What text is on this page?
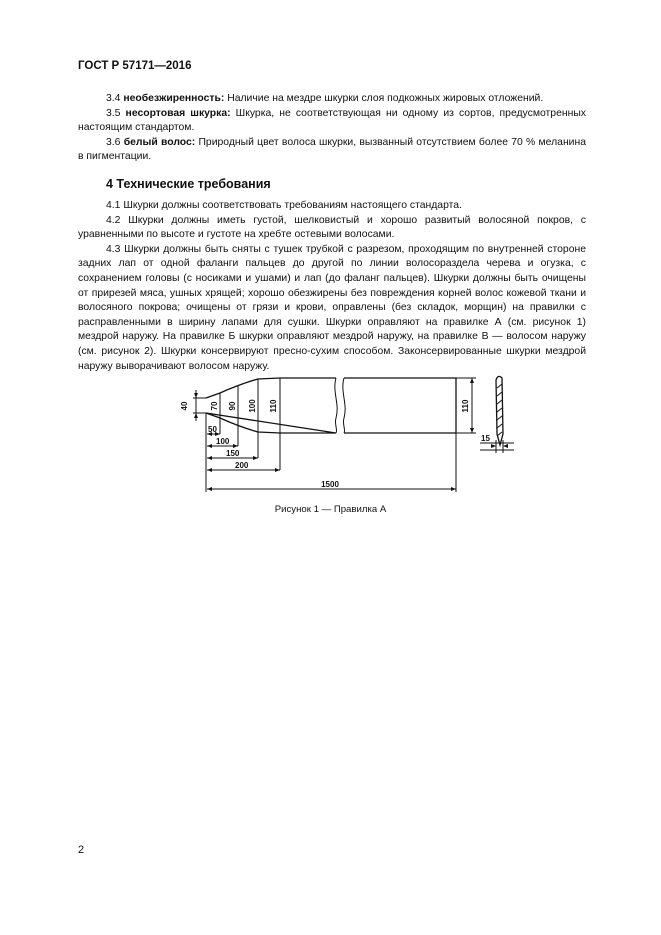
ГОСТ Р 57171—2016

3.4 необезжиренность: Наличие на мездре шкурки слоя подкожных жировых отложений.

3.5 несортовая шкурка: Шкурка, не соответствующая ни одному из сортов, предусмотренных настоящим стандартом.

3.6 белый волос: Природный цвет волоса шкурки, вызванный отсутствием более 70 % меланина в пигментации.

4 Технические требования

4.1 Шкурки должны соответствовать требованиям настоящего стандарта.

4.2 Шкурки должны иметь густой, шелковистый и хорошо развитый волосяной покров, с уравненными по высоте и густоте на хребте остевыми волосами.

4.3 Шкурки должны быть сняты с тушек трубкой с разрезом, проходящим по внутренней стороне задних лап от одной фаланги пальцев до другой по линии волосораздела черева и огузка, с сохранением головы (с носиками и ушами) и лап (до фаланг пальцев). Шкурки должны быть очищены от прирезей мяса, ушных хрящей; хорошо обезжирены без повреждения корней волос кожевой ткани и волосяного покрова; очищены от грязи и крови, оправлены (без складок, морщин) на правилки с расправленными в ширину лапами для сушки. Шкурки оправляют на правилке А (см. рисунок 1) мездрой наружу. На правилке Б шкурки оправляют мездрой наружу, на правилке В — волосом наружу (см. рисунок 2). Шкурки консервируют пресно-сухим способом. Законсервированные шкурки мездрой наружу выворачивают волосом наружу.

40	70 90 100 110	110
50
100
150
200
1500
15
Рисунок 1 — Правилка А
2
